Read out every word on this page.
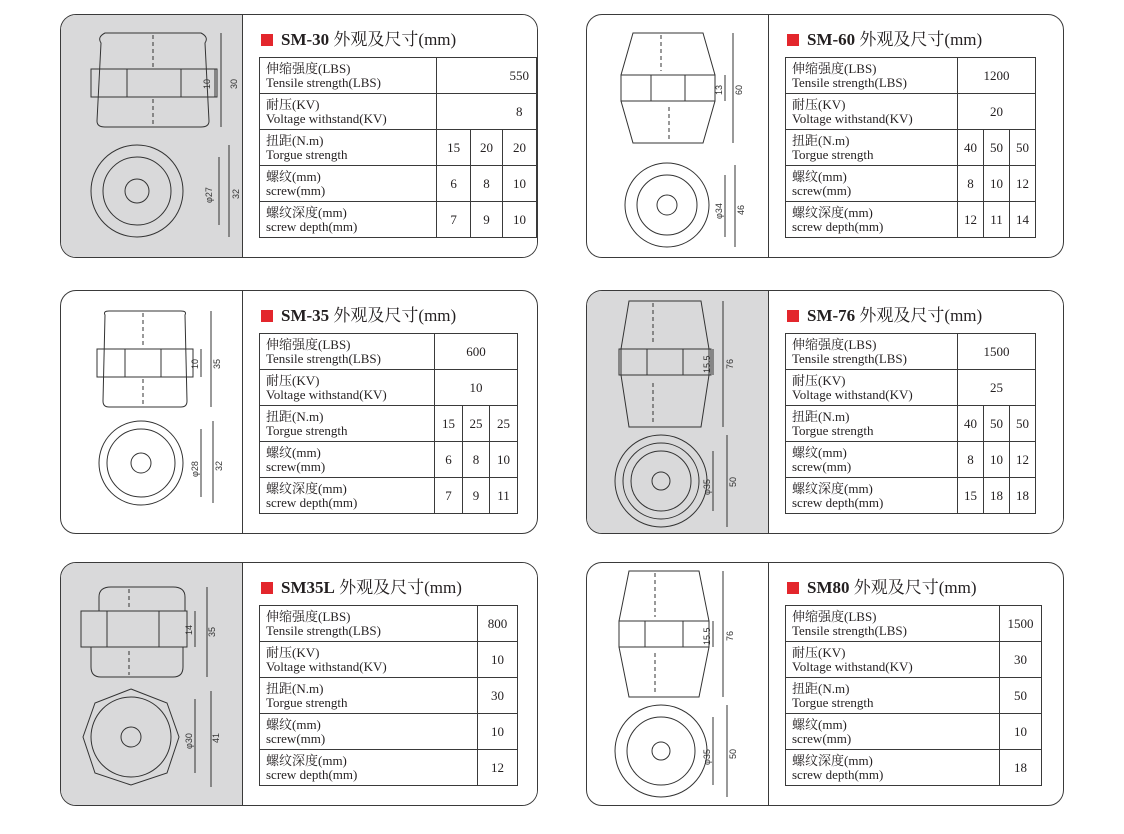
10 30
φ27 32
SM-30 外观及尺寸(mm)
伸缩强度(LBS)
Tensile strength(LBS)			550
耐压(KV)
Voltage withstand(KV)			8
扭距(N.m)
Torgue strength	15	20	20
螺纹(mm)
screw(mm)	6	8	10
螺纹深度(mm)
screw depth(mm)	7	9	10
13 60
φ34 46
SM-60 外观及尺寸(mm)
伸缩强度(LBS)
Tensile strength(LBS)	1200		
耐压(KV)
Voltage withstand(KV)	20		
扭距(N.m)
Torgue strength	40	50	50
螺纹(mm)
screw(mm)	8	10	12
螺纹深度(mm)
screw depth(mm)	12	11	14
10 35
φ28 32
SM-35 外观及尺寸(mm)
伸缩强度(LBS)
Tensile strength(LBS)	600		
耐压(KV)
Voltage withstand(KV)	10		
扭距(N.m)
Torgue strength	15	25	25
螺纹(mm)
screw(mm)	6	8	10
螺纹深度(mm)
screw depth(mm)	7	9	11
15.5 76
φ35 50
SM-76 外观及尺寸(mm)
伸缩强度(LBS)
Tensile strength(LBS)	1500		
耐压(KV)
Voltage withstand(KV)	25		
扭距(N.m)
Torgue strength	40	50	50
螺纹(mm)
screw(mm)	8	10	12
螺纹深度(mm)
screw depth(mm)	15	18	18
14 35
φ30 41
SM35L 外观及尺寸(mm)
伸缩强度(LBS)
Tensile strength(LBS)	800
耐压(KV)
Voltage withstand(KV)	10
扭距(N.m)
Torgue strength	30
螺纹(mm)
screw(mm)	10
螺纹深度(mm)
screw depth(mm)	12
15.5 76
φ35 50
SM80 外观及尺寸(mm)
伸缩强度(LBS)
Tensile strength(LBS)	1500
耐压(KV)
Voltage withstand(KV)	30
扭距(N.m)
Torgue strength	50
螺纹(mm)
screw(mm)	10
螺纹深度(mm)
screw depth(mm)	18
